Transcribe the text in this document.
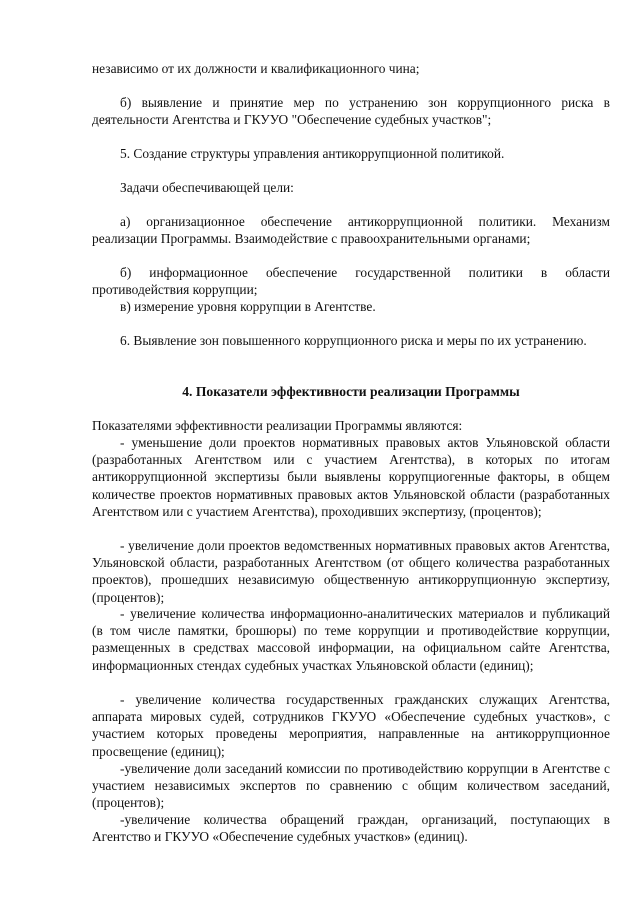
независимо от их должности и квалификационного чина;

б) выявление и принятие мер по устранению зон коррупционного риска в деятельности Агентства и ГКУУО "Обеспечение судебных участков";

5. Создание структуры управления антикоррупционной политикой.

Задачи обеспечивающей цели:

а) организационное обеспечение антикоррупционной политики. Механизм реализации Программы. Взаимодействие с правоохранительными органами;

б) информационное обеспечение государственной политики в области противодействия коррупции;

в) измерение уровня коррупции в Агентстве.

6. Выявление зон повышенного коррупционного риска и меры по их устранению.

4. Показатели эффективности реализации Программы

Показателями эффективности реализации Программы являются:

- уменьшение доли проектов нормативных правовых актов Ульяновской области (разработанных Агентством или с участием Агентства), в которых по итогам антикоррупционной экспертизы были выявлены коррупциогенные факторы, в общем количестве проектов нормативных правовых актов Ульяновской области (разработанных Агентством или с участием Агентства), проходивших экспертизу, (процентов);

- увеличение доли проектов ведомственных нормативных правовых актов Агентства, Ульяновской области, разработанных Агентством (от общего количества разработанных проектов), прошедших независимую общественную антикоррупционную экспертизу, (процентов);

- увеличение количества информационно-аналитических материалов и публикаций (в том числе памятки, брошюры) по теме коррупции и противодействие коррупции, размещенных в средствах массовой информации, на официальном сайте Агентства, информационных стендах судебных участках Ульяновской области (единиц);

- увеличение количества государственных гражданских служащих Агентства, аппарата мировых судей, сотрудников ГКУУО «Обеспечение судебных участков», с участием которых проведены мероприятия, направленные на антикоррупционное просвещение (единиц);

-увеличение доли заседаний комиссии по противодействию коррупции в Агентстве с участием независимых экспертов по сравнению с общим количеством заседаний, (процентов);

-увеличение количества обращений граждан, организаций, поступающих в Агентство и ГКУУО «Обеспечение судебных участков» (единиц).
